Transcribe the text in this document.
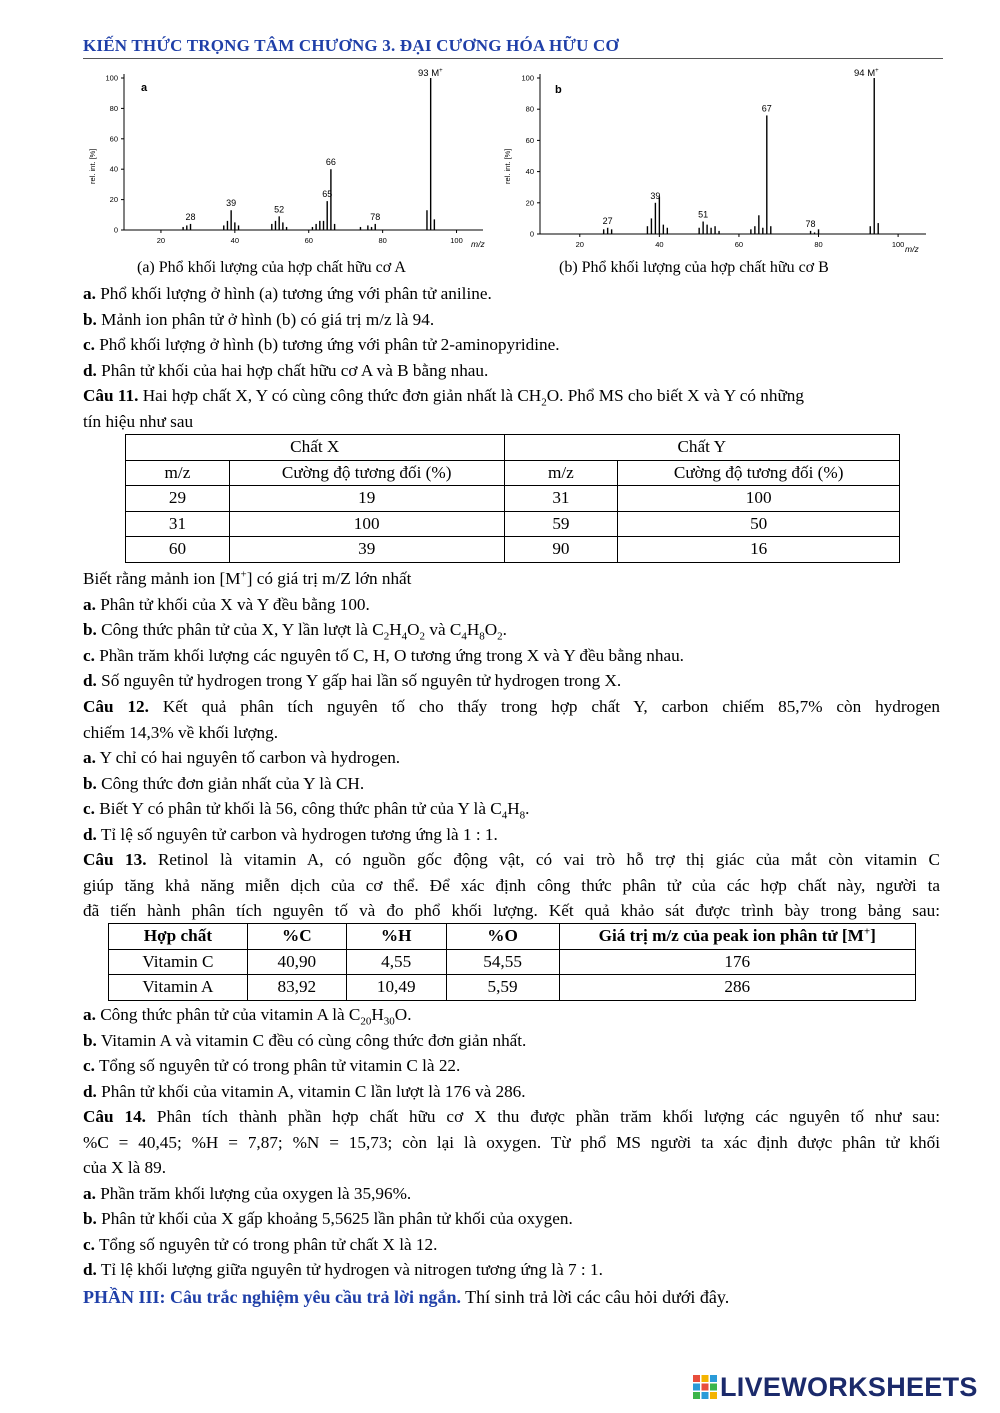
KIẾN THỨC TRỌNG TÂM CHƯƠNG 3. ĐẠI CƯƠNG HÓA HỮU CƠ
a
rel. int. [%]
m/z
93 M+
0
20
40
60
80
100
20	40	60	80	100
28
39
52
65
66
78
(a) Phổ khối lượng của hợp chất hữu cơ A
b
rel. int. [%]
m/z
94 M+
0
20
40
60
80
100
20	40	60	80	100
27
39
51
67
78
(b) Phổ khối lượng của hợp chất hữu cơ B
a. Phổ khối lượng ở hình (a) tương ứng với phân tử aniline.
b. Mảnh ion phân tử ở hình (b) có giá trị m/z là 94.
c. Phổ khối lượng ở hình (b) tương ứng với phân tử 2-aminopyridine.
d. Phân tử khối của hai hợp chất hữu cơ A và B bằng nhau.
Câu 11. Hai hợp chất X, Y có cùng công thức đơn giản nhất là $CH_2O$. Phổ MS cho biết X và Y có những
tín hiệu như sau
Chất X		Chất Y	
m/z	Cường độ tương đối (%)	m/z	Cường độ tương đối (%)
29	19	31	100
31	100	59	50
60	39	90	16
Biết rằng mảnh ion [M+] có giá trị m/Z lớn nhất
a. Phân tử khối của X và Y đều bằng 100.
b. Công thức phân tử của X, Y lần lượt là $C_2H_4O_2$ và $C_4H_8O_2$.
c. Phần trăm khối lượng các nguyên tố C, H, O tương ứng trong X và Y đều bằng nhau.
d. Số nguyên tử hydrogen trong Y gấp hai lần số nguyên tử hydrogen trong X.
Câu 12. Kết quả phân tích nguyên tố cho thấy trong hợp chất Y, carbon chiếm 85,7% còn hydrogen
chiếm 14,3% về khối lượng.
a. Y chỉ có hai nguyên tố carbon và hydrogen.
b. Công thức đơn giản nhất của Y là CH.
c. Biết Y có phân tử khối là 56, công thức phân tử của Y là $C_4H_8$.
d. Tỉ lệ số nguyên tử carbon và hydrogen tương ứng là 1 : 1.
Câu 13. Retinol là vitamin A, có nguồn gốc động vật, có vai trò hỗ trợ thị giác của mắt còn vitamin C
giúp tăng khả năng miễn dịch của cơ thể. Để xác định công thức phân tử của các hợp chất này, người ta
đã tiến hành phân tích nguyên tố và đo phổ khối lượng. Kết quả khảo sát được trình bày trong bảng sau:
Hợp chất	%C	%H	%O	Giá trị m/z của peak ion phân tử [M+]
Vitamin C	40,90	4,55	54,55	176
Vitamin A	83,92	10,49	5,59	286
a. Công thức phân tử của vitamin A là $C_{20}H_{30}O$.
b. Vitamin A và vitamin C đều có cùng công thức đơn giản nhất.
c. Tổng số nguyên tử có trong phân tử vitamin C là 22.
d. Phân tử khối của vitamin A, vitamin C lần lượt là 176 và 286.
Câu 14. Phân tích thành phần hợp chất hữu cơ X thu được phần trăm khối lượng các nguyên tố như sau:
%C = 40,45; %H = 7,87; %N = 15,73; còn lại là oxygen. Từ phổ MS người ta xác định được phân tử khối
của X là 89.
a. Phần trăm khối lượng của oxygen là 35,96%.
b. Phân tử khối của X gấp khoảng 5,5625 lần phân tử khối của oxygen.
c. Tổng số nguyên tử có trong phân tử chất X là 12.
d. Tỉ lệ khối lượng giữa nguyên tử hydrogen và nitrogen tương ứng là 7 : 1.
PHẦN III: Câu trắc nghiệm yêu cầu trả lời ngắn. Thí sinh trả lời các câu hỏi dưới đây.
LIVEWORKSHEETS
